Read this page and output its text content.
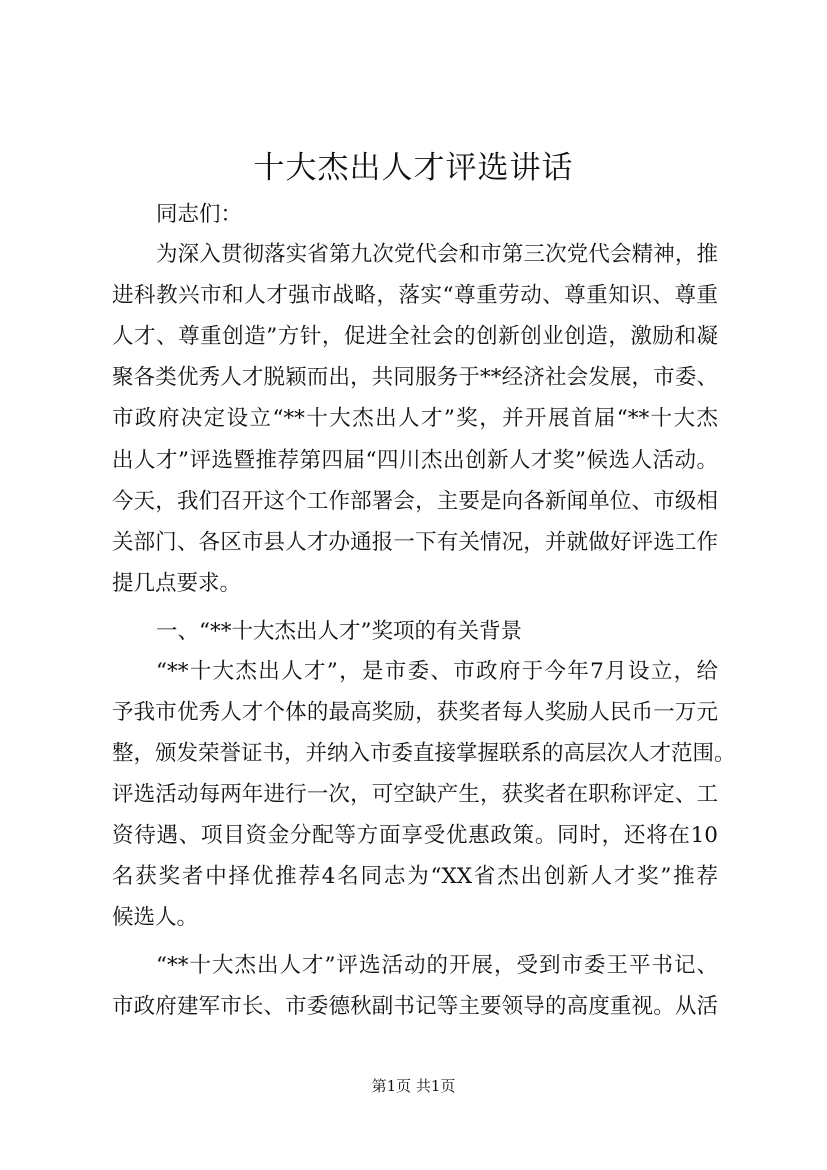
十大杰出人才评选讲话

同志们：

为深入贯彻落实省第九次党代会和市第三次党代会精神，推

进科教兴市和人才强市战略，落实“尊重劳动、尊重知识、尊重

人才、尊重创造”方针，促进全社会的创新创业创造，激励和凝

聚各类优秀人才脱颖而出，共同服务于**经济社会发展，市委、

市政府决定设立“**十大杰出人才”奖，并开展首届“**十大杰

出人才”评选暨推荐第四届“四川杰出创新人才奖”候选人活动。

今天，我们召开这个工作部署会，主要是向各新闻单位、市级相

关部门、各区市县人才办通报一下有关情况，并就做好评选工作

提几点要求。

一、“**十大杰出人才”奖项的有关背景

“**十大杰出人才”，是市委、市政府于今年7月设立，给

予我市优秀人才个体的最高奖励，获奖者每人奖励人民币一万元

整，颁发荣誉证书，并纳入市委直接掌握联系的高层次人才范围。

评选活动每两年进行一次，可空缺产生，获奖者在职称评定、工

资待遇、项目资金分配等方面享受优惠政策。同时，还将在10

名获奖者中择优推荐4名同志为“XX省杰出创新人才奖”推荐

候选人。

“**十大杰出人才”评选活动的开展，受到市委王平书记、

市政府建军市长、市委德秋副书记等主要领导的高度重视。从活

第1页 共1页
